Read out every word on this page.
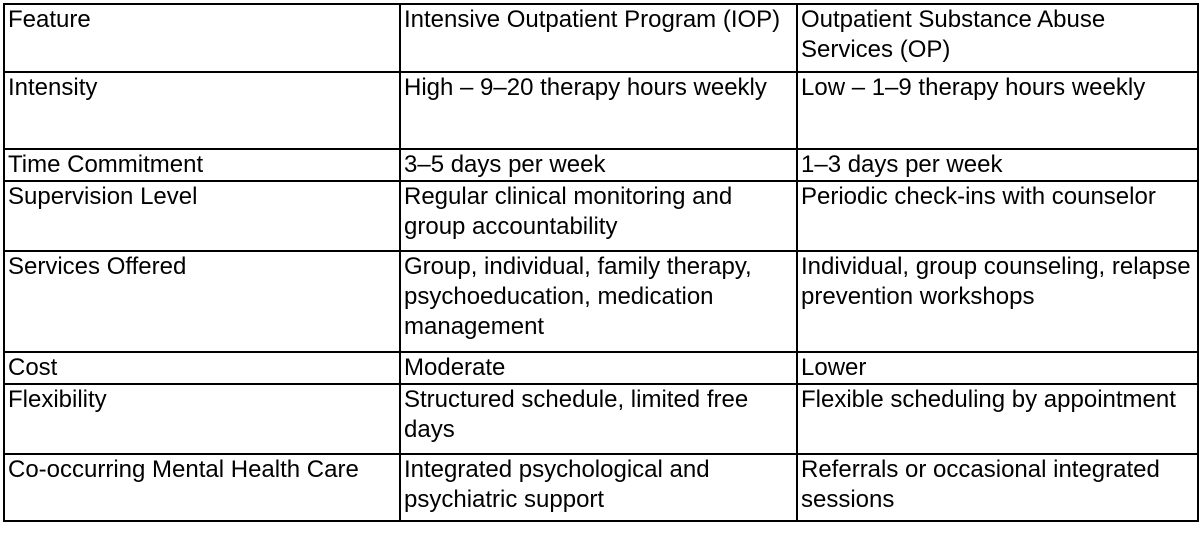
Feature	Intensive Outpatient Program (IOP)	Outpatient Substance Abuse Services (OP)
Intensity	High – 9–20 therapy hours weekly	Low – 1–9 therapy hours weekly
Time Commitment	3–5 days per week	1–3 days per week
Supervision Level	Regular clinical monitoring and group accountability	Periodic check-ins with counselor
Services Offered	Group, individual, family therapy, psychoeducation, medication management	Individual, group counseling, relapse prevention workshops
Cost	Moderate	Lower
Flexibility	Structured schedule, limited free days	Flexible scheduling by appointment
Co-occurring Mental Health Care	Integrated psychological and psychiatric support	Referrals or occasional integrated sessions
